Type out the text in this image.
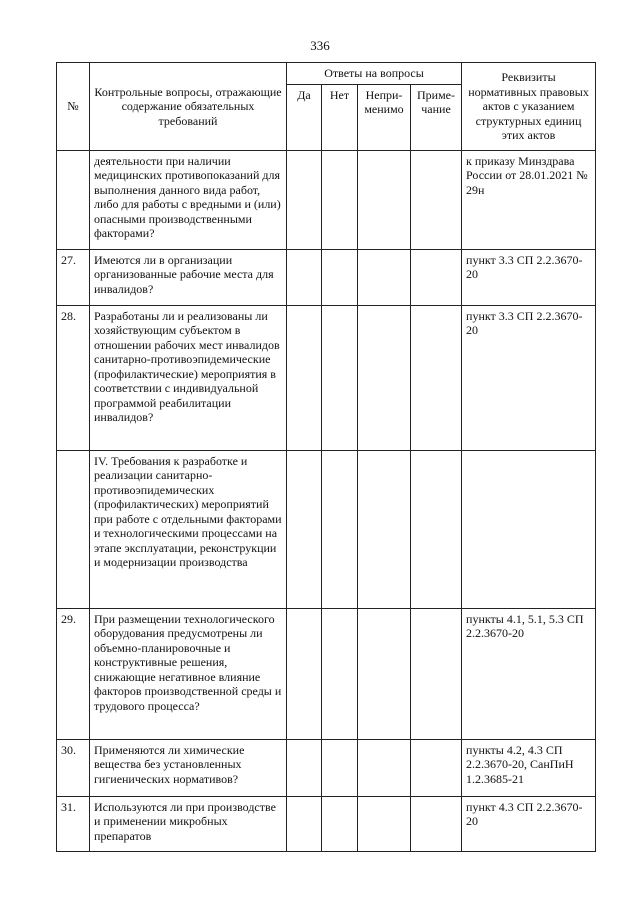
336
№	Контрольные вопросы, отражающие содержание обязательных требований	Ответы на вопросы				Реквизиты нормативных правовых актов с указанием структурных единиц этих актов
		Да	Нет	Непри-менимо	Приме-чание	
	деятельности при наличии медицинских противопоказаний для выполнения данного вида работ, либо для работы с вредными и (или) опасными производственными факторами?					к приказу Минздрава России от 28.01.2021 № 29н
27.	Имеются ли в организации организованные рабочие места для инвалидов?					пункт 3.3 СП 2.2.3670-20
28.	Разработаны ли и реализованы ли хозяйствующим субъектом в отношении рабочих мест инвалидов санитарно-противоэпидемические (профилактические) мероприятия в соответствии с индивидуальной программой реабилитации инвалидов?					пункт 3.3 СП 2.2.3670-20
	IV. Требования к разработке и реализации санитарно-противоэпидемических (профилактических) мероприятий при работе с отдельными факторами и технологическими процессами на этапе эксплуатации, реконструкции и модернизации производства					
29.	При размещении технологического оборудования предусмотрены ли объемно-планировочные и конструктивные решения, снижающие негативное влияние факторов производственной среды и трудового процесса?					пункты 4.1, 5.1, 5.3 СП 2.2.3670-20
30.	Применяются ли химические вещества без установленных гигиенических нормативов?					пункты 4.2, 4.3 СП 2.2.3670-20, СанПиН 1.2.3685-21
31.	Используются ли при производстве и применении микробных препаратов					пункт 4.3 СП 2.2.3670-20
